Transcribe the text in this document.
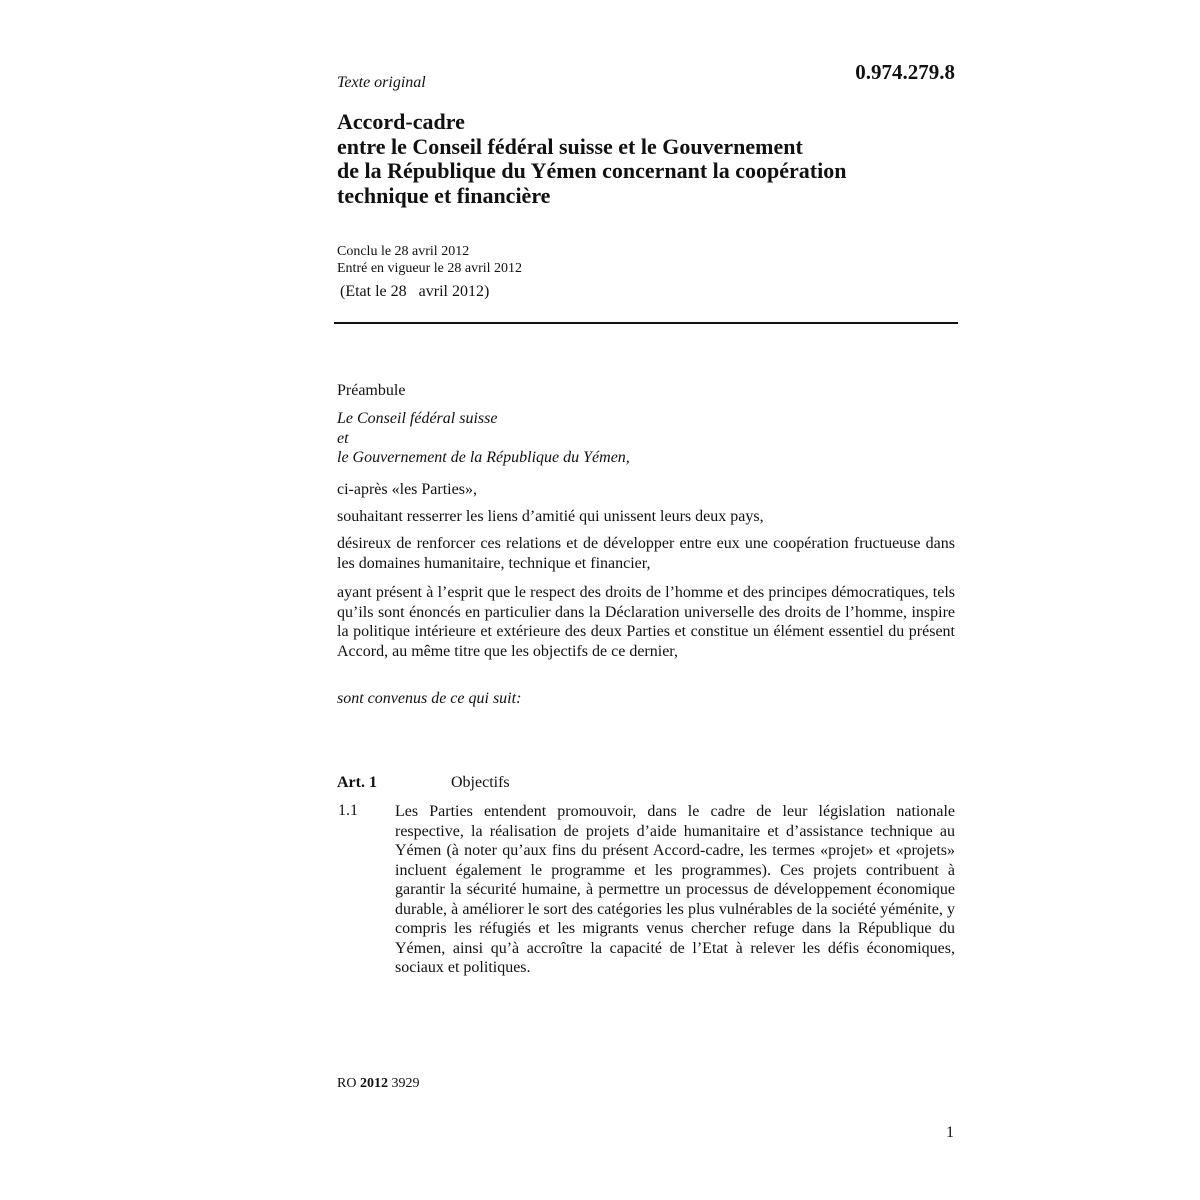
Texte original	0.974.279.8
Accord-cadre
entre le Conseil fédéral suisse et le Gouvernement
de la République du Yémen concernant la coopération
technique et financière
Conclu le 28 avril 2012
Entré en vigueur le 28 avril 2012
(Etat le 28   avril 2012)
Préambule
Le Conseil fédéral suisse
et
le Gouvernement de la République du Yémen,
ci-après «les Parties»,
souhaitant resserrer les liens d’amitié qui unissent leurs deux pays,
désireux de renforcer ces relations et de développer entre eux une coopération fructueuse dans les domaines humanitaire, technique et financier,
ayant présent à l’esprit que le respect des droits de l’homme et des principes démocratiques, tels qu’ils sont énoncés en particulier dans la Déclaration universelle des droits de l’homme, inspire la politique intérieure et extérieure des deux Parties et constitue un élément essentiel du présent Accord, au même titre que les objectifs de ce dernier,
sont convenus de ce qui suit:
Art. 1	Objectifs
1.1 Les Parties entendent promouvoir, dans le cadre de leur législation nationale respective, la réalisation de projets d’aide humanitaire et d’assistance technique au Yémen (à noter qu’aux fins du présent Accord-cadre, les termes «projet» et «projets» incluent également le programme et les programmes). Ces projets contribuent à garantir la sécurité humaine, à permettre un processus de développement économique durable, à améliorer le sort des catégories les plus vulnérables de la société yéménite, y compris les réfugiés et les migrants venus chercher refuge dans la République du Yémen, ainsi qu’à accroître la capacité de l’Etat à relever les défis économiques, sociaux et politiques.
RO 2012 3929
1
